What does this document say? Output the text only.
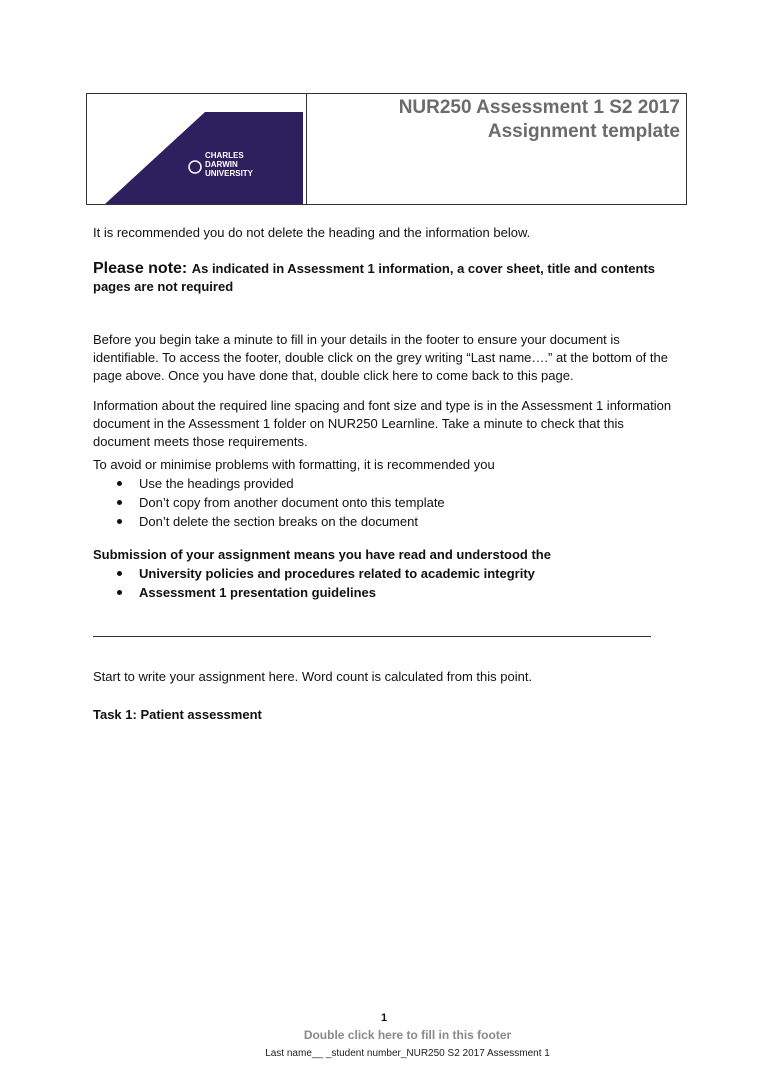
CHARLES
DARWIN
UNIVERSITY
NUR250 Assessment 1 S2 2017
Assignment template

It is recommended you do not delete the heading and the information below.

Please note: As indicated in Assessment 1 information, a cover sheet, title and contents pages are not required

Before you begin take a minute to fill in your details in the footer to ensure your document is identifiable. To access the footer, double click on the grey writing “Last name….” at the bottom of the page above. Once you have done that, double click here to come back to this page.

Information about the required line spacing and font size and type is in the Assessment 1 information document in the Assessment 1 folder on NUR250 Learnline. Take a minute to check that this document meets those requirements.

To avoid or minimise problems with formatting, it is recommended you
Use the headings provided
Don’t copy from another document onto this template
Don’t delete the section breaks on the document
Submission of your assignment means you have read and understood the
University policies and procedures related to academic integrity
Assessment 1 presentation guidelines

Start to write your assignment here. Word count is calculated from this point.

Task 1: Patient assessment

1
Double click here to fill in this footer
Last name__ _student number_NUR250 S2 2017 Assessment 1
